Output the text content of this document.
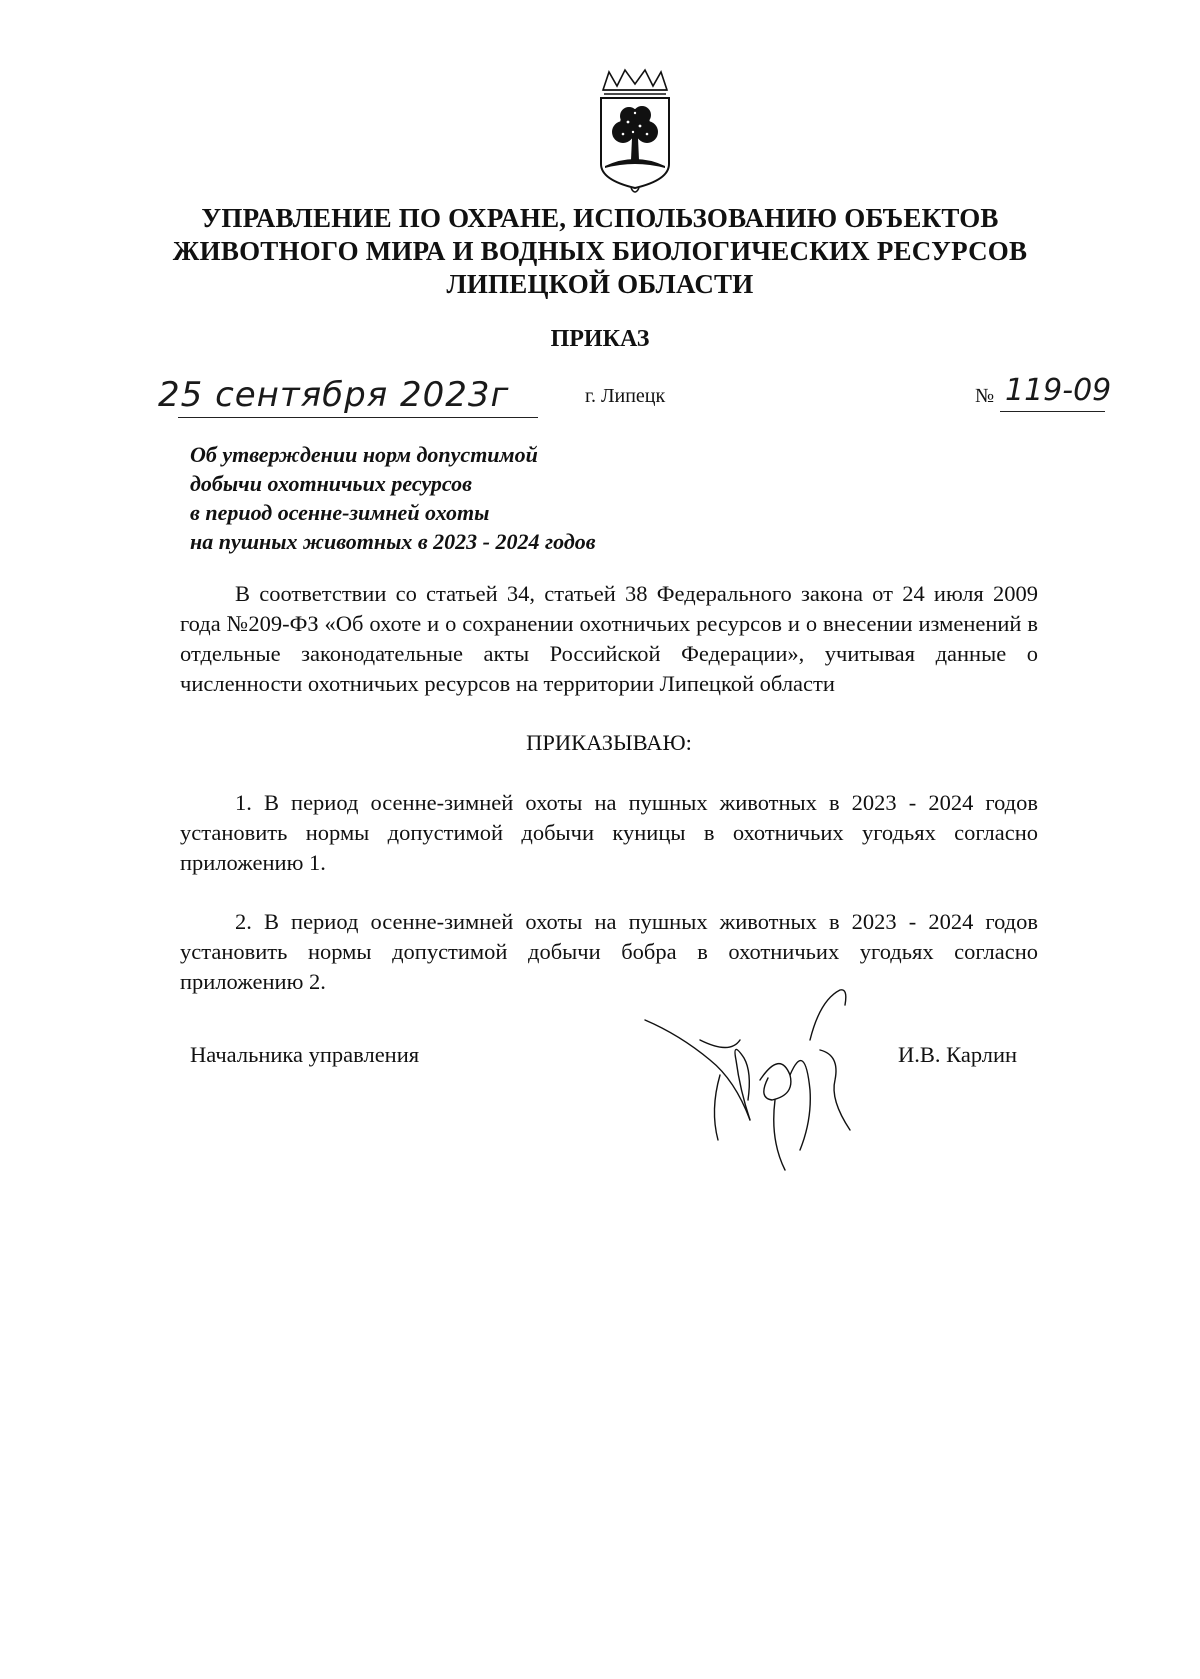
УПРАВЛЕНИЕ ПО ОХРАНЕ, ИСПОЛЬЗОВАНИЮ ОБЪЕКТОВ
ЖИВОТНОГО МИРА И ВОДНЫХ БИОЛОГИЧЕСКИХ РЕСУРСОВ
ЛИПЕЦКОЙ ОБЛАСТИ
ПРИКАЗ
25 сентября 2023г	г. Липецк	№ 119-09
Об утверждении норм допустимой
добычи охотничьих ресурсов
в период осенне-зимней охоты
на пушных животных в 2023 - 2024 годов

В соответствии со статьей 34, статьей 38 Федерального закона от 24 июля 2009 года №209-ФЗ «Об охоте и о сохранении охотничьих ресурсов и о внесении изменений в отдельные законодательные акты Российской Федерации», учитывая данные о численности охотничьих ресурсов на территории Липецкой области

ПРИКАЗЫВАЮ:

1. В период осенне-зимней охоты на пушных животных в 2023 - 2024 годов установить нормы допустимой добычи куницы в охотничьих угодьях согласно приложению 1.

2. В период осенне-зимней охоты на пушных животных в 2023 - 2024 годов установить нормы допустимой добычи бобра в охотничьих угодьях согласно приложению 2.

Начальника управления	И.В. Карлин
